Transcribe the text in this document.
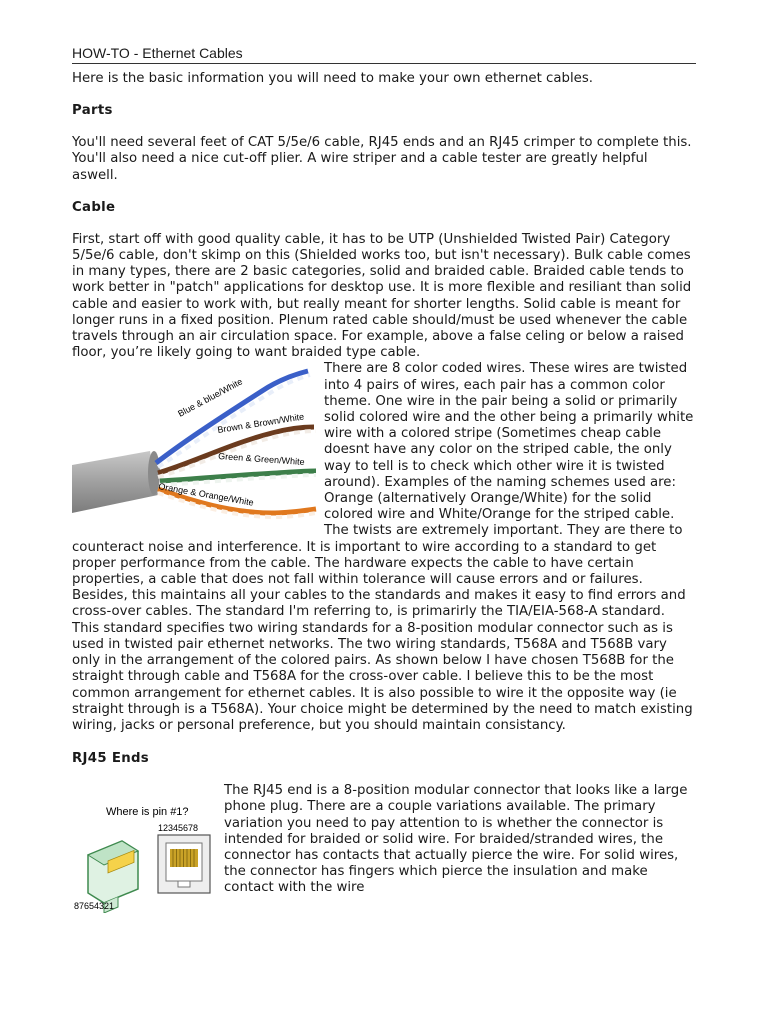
HOW-TO - Ethernet Cables

Here is the basic information you will need to make your own ethernet cables.

Parts

You'll need several feet of CAT 5/5e/6 cable, RJ45 ends and an RJ45 crimper to complete this. You'll also need a nice cut-off plier. A wire striper and a cable tester are greatly helpful aswell.

Cable

First, start off with good quality cable, it has to be UTP (Unshielded Twisted Pair) Category 5/5e/6 cable, don't skimp on this (Shielded works too, but isn't necessary). Bulk cable comes in many types, there are 2 basic categories, solid and braided cable. Braided cable tends to work better in "patch" applications for desktop use. It is more flexible and resiliant than solid cable and easier to work with, but really meant for shorter lengths. Solid cable is meant for longer runs in a fixed position. Plenum rated cable should/must be used whenever the cable travels through an air circulation space. For example, above a false celing or below a raised floor, you’re likely going to want braided type cable.

Blue & blue/White
Brown & Brown/White
Green & Green/White
Orange & Orange/White

There are 8 color coded wires. These wires are twisted into 4 pairs of wires, each pair has a common color theme. One wire in the pair being a solid or primarily solid colored wire and the other being a primarily white wire with a colored stripe (Sometimes cheap cable doesnt have any color on the striped cable, the only way to tell is to check which other wire it is twisted around). Examples of the naming schemes used are: Orange (alternatively Orange/White) for the solid colored wire and White/Orange for the striped cable. The twists are extremely important. They are there to counteract noise and interference. It is important to wire according to a standard to get proper performance from the cable. The hardware expects the cable to have certain properties, a cable that does not fall within tolerance will cause errors and or failures. Besides, this maintains all your cables to the standards and makes it easy to find errors and cross-over cables. The standard I'm referring to, is primarirly the TIA/EIA-568-A standard. This standard specifies two wiring standards for a 8-position modular connector such as is used in twisted pair ethernet networks. The two wiring standards, T568A and T568B vary only in the arrangement of the colored pairs. As shown below I have chosen T568B for the straight through cable and T568A for the cross-over cable. I believe this to be the most common arrangement for ethernet cables. It is also possible to wire it the opposite way (ie straight through is a T568A). Your choice might be determined by the need to match existing wiring, jacks or personal preference, but you should maintain consistancy.

RJ45 Ends
Where is pin #1?
87654321
12345678

The RJ45 end is a 8-position modular connector that looks like a large phone plug. There are a couple variations available. The primary variation you need to pay attention to is whether the connector is intended for braided or solid wire. For braided/stranded wires, the connector has contacts that actually pierce the wire. For solid wires, the connector has fingers which pierce the insulation and make contact with the wire
